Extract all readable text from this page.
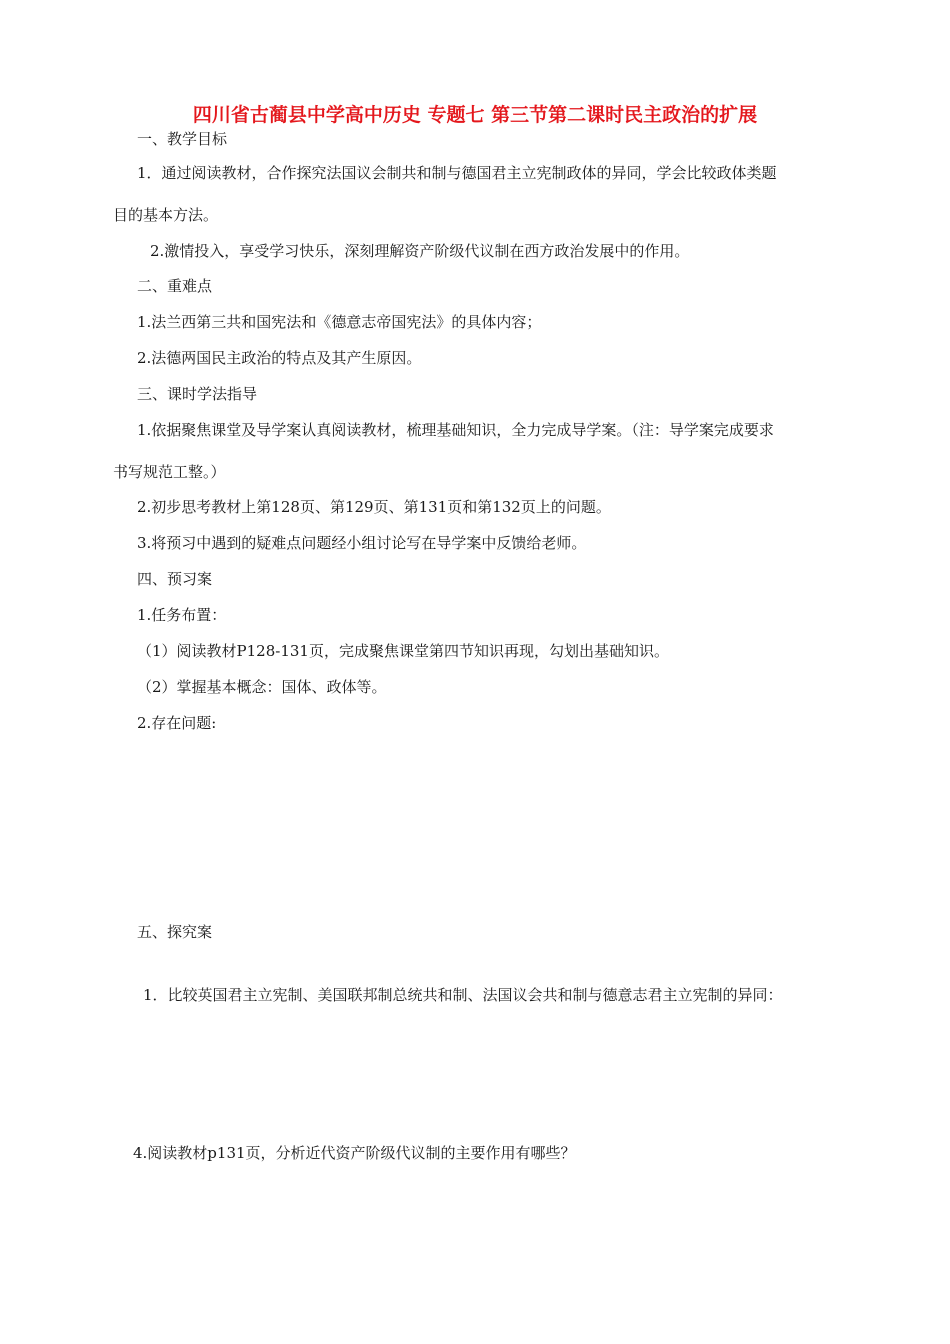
四川省古蔺县中学高中历史 专题七 第三节第二课时民主政治的扩展
一、教学目标
1．通过阅读教材，合作探究法国议会制共和制与德国君主立宪制政体的异同，学会比较政体类题
目的基本方法。
2.激情投入，享受学习快乐，深刻理解资产阶级代议制在西方政治发展中的作用。
二、重难点
1.法兰西第三共和国宪法和《德意志帝国宪法》的具体内容；
2.法德两国民主政治的特点及其产生原因。
三、课时学法指导
1.依据聚焦课堂及导学案认真阅读教材，梳理基础知识，全力完成导学案。（注：导学案完成要求
书写规范工整。）
2.初步思考教材上第128页、第129页、第131页和第132页上的问题。
3.将预习中遇到的疑难点问题经小组讨论写在导学案中反馈给老师。
四、预习案
1.任务布置：
（1）阅读教材P128-131页，完成聚焦课堂第四节知识再现，勾划出基础知识。
（2）掌握基本概念：国体、政体等。
2.存在问题:
五、探究案
1．比较英国君主立宪制、美国联邦制总统共和制、法国议会共和制与德意志君主立宪制的异同：
4.阅读教材p131页，分析近代资产阶级代议制的主要作用有哪些？
